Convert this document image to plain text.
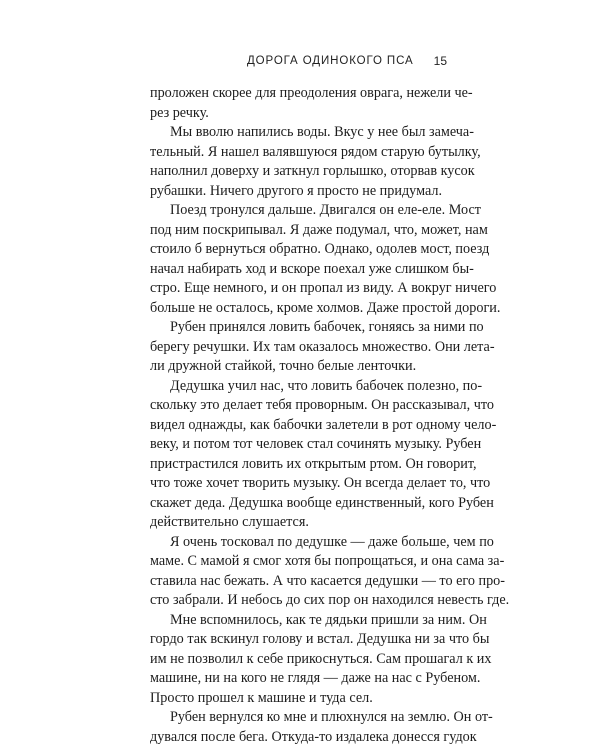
ДОРОГА ОДИНОКОГО ПСА 15
проложен скорее для преодоления оврага, нежели че-
рез речку.
Мы вволю напились воды. Вкус у нее был замеча-
тельный. Я нашел валявшуюся рядом старую бутылку,
наполнил доверху и заткнул горлышко, оторвав кусок
рубашки. Ничего другого я просто не придумал.
Поезд тронулся дальше. Двигался он еле-еле. Мост
под ним поскрипывал. Я даже подумал, что, может, нам
стоило б вернуться обратно. Однако, одолев мост, поезд
начал набирать ход и вскоре поехал уже слишком бы-
стро. Еще немного, и он пропал из виду. А вокруг ничего
больше не осталось, кроме холмов. Даже простой дороги.
Рубен принялся ловить бабочек, гоняясь за ними по
берегу речушки. Их там оказалось множество. Они лета-
ли дружной стайкой, точно белые ленточки.
Дедушка учил нас, что ловить бабочек полезно, по-
скольку это делает тебя проворным. Он рассказывал, что
видел однажды, как бабочки залетели в рот одному чело-
веку, и потом тот человек стал сочинять музыку. Рубен
пристрастился ловить их открытым ртом. Он говорит,
что тоже хочет творить музыку. Он всегда делает то, что
скажет деда. Дедушка вообще единственный, кого Рубен
действительно слушается.
Я очень тосковал по дедушке — даже больше, чем по
маме. С мамой я смог хотя бы попрощаться, и она сама за-
ставила нас бежать. А что касается дедушки — то его про-
сто забрали. И небось до сих пор он находился невесть где.
Мне вспомнилось, как те дядьки пришли за ним. Он
гордо так вскинул голову и встал. Дедушка ни за что бы
им не позволил к себе прикоснуться. Сам прошагал к их
машине, ни на кого не глядя — даже на нас с Рубеном.
Просто прошел к машине и туда сел.
Рубен вернулся ко мне и плюхнулся на землю. Он от-
дувался после бега. Откуда-то издалека донесся гудок
